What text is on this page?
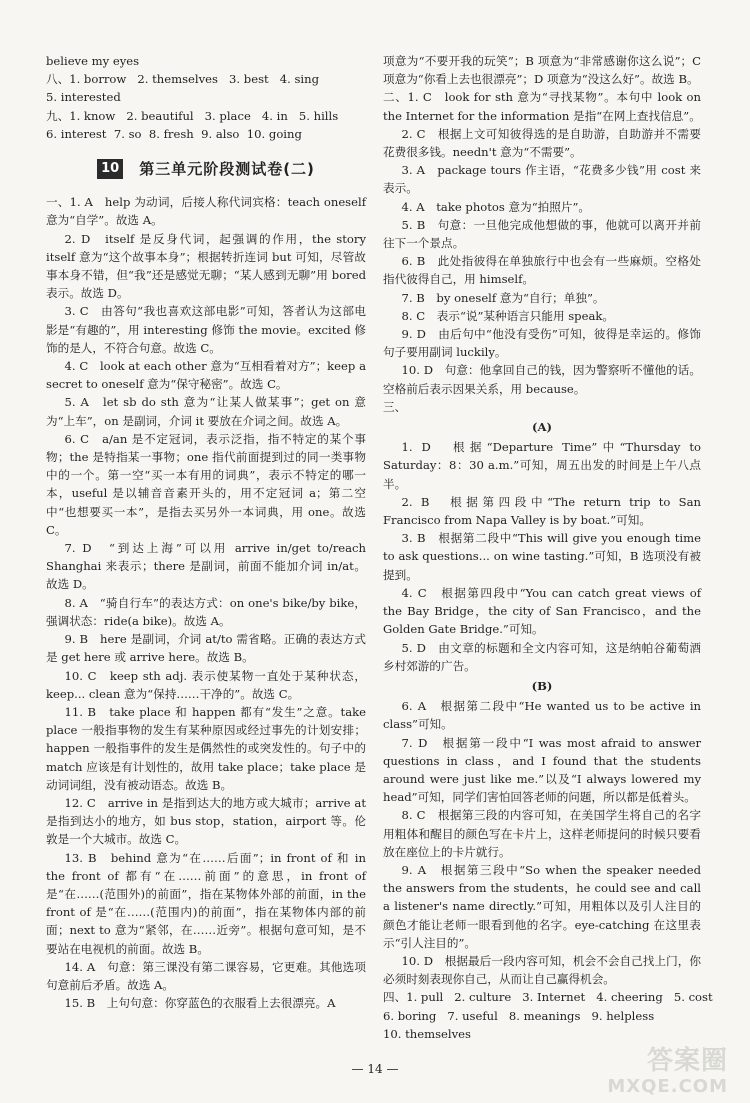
believe my eyes

八、1. borrow   2. themselves   3. best   4. sing

5. interested

九、1. know   2. beautiful   3. place   4. in   5. hills

6. interest  7. so  8. fresh  9. also  10. going

10 第三单元阶段测试卷(二)

一、1. A　help 为动词，后接人称代词宾格：teach oneself 意为“自学”。故选 A。

2. D　itself 是反身代词，起强调的作用，the story itself 意为“这个故事本身”；根据转折连词 but 可知，尽管故事本身不错，但“我”还是感觉无聊；“某人感到无聊”用 bored 表示。故选 D。

3. C　由答句“我也喜欢这部电影”可知，答者认为这部电影是“有趣的”，用 interesting 修饰 the movie。excited 修饰的是人，不符合句意。故选 C。

4. C　look at each other 意为“互相看着对方”；keep a secret to oneself 意为“保守秘密”。故选 C。

5. A　let sb do sth 意为“让某人做某事”；get on 意为“上车”，on 是副词，介词 it 要放在介词之间。故选 A。

6. C　a/an 是不定冠词，表示泛指，指不特定的某个事物；the 是特指某一事物；one 指代前面提到过的同一类事物中的一个。第一空“买一本有用的词典”，表示不特定的哪一本，useful 是以辅音音素开头的，用不定冠词 a；第二空中“也想要买一本”，是指去买另外一本词典，用 one。故选 C。

7. D　“到达上海”可以用 arrive in/get to/reach Shanghai 来表示；there 是副词，前面不能加介词 in/at。故选 D。

8. A　“骑自行车”的表达方式：on one's bike/by bike，强调状态：ride(a bike)。故选 A。

9. B　here 是副词，介词 at/to 需省略。正确的表达方式是 get here 或 arrive here。故选 B。

10. C　keep sth adj. 表示使某物一直处于某种状态，keep... clean 意为“保持……干净的”。故选 C。

11. B　take place 和 happen 都有“发生”之意。take place 一般指事物的发生有某种原因或经过事先的计划安排；happen 一般指事件的发生是偶然性的或突发性的。句子中的 match 应该是有计划性的，故用 take place；take place 是动词词组，没有被动语态。故选 B。

12. C　arrive in 是指到达大的地方或大城市；arrive at 是指到达小的地方，如 bus stop，station，airport 等。伦敦是一个大城市。故选 C。

13. B　behind 意为“在……后面”；in front of 和 in the front of 都有“在……前面”的意思，in front of 是“在……(范围外)的前面”，指在某物体外部的前面，in the front of 是“在……(范围内)的前面”，指在某物体内部的前面；next to 意为“紧邻，在……近旁”。根据句意可知，是不要站在电视机的前面。故选 B。

14. A　句意：第三课没有第二课容易，它更难。其他选项句意前后矛盾。故选 A。

15. B　上句句意：你穿蓝色的衣服看上去很漂亮。A

项意为“不要开我的玩笑”；B 项意为“非常感谢你这么说”；C 项意为“你看上去也很漂亮”；D 项意为“没这么好”。故选 B。

二、1. C　look for sth 意为“寻找某物”。本句中 look on the Internet for the information 是指“在网上查找信息”。

2. C　根据上文可知彼得选的是自助游，自助游并不需要花费很多钱。needn't 意为“不需要”。

3. A　package tours 作主语，“花费多少钱”用 cost 来表示。

4. A　take photos 意为“拍照片”。

5. B　句意：一旦他完成他想做的事，他就可以离开并前往下一个景点。

6. B　此处指彼得在单独旅行中也会有一些麻烦。空格处指代彼得自己，用 himself。

7. B　by oneself 意为“自行；单独”。

8. C　表示“说”某种语言只能用 speak。

9. D　由后句中“他没有受伤”可知，彼得是幸运的。修饰句子要用副词 luckily。

10. D　句意：他拿回自己的钱，因为警察听不懂他的话。空格前后表示因果关系，用 because。

三、

(A)

1. D　根据“Departure Time”中“Thursday to Saturday：8：30 a.m.”可知，周五出发的时间是上午八点半。

2. B　根据第四段中“The return trip to San Francisco from Napa Valley is by boat.”可知。

3. B　根据第二段中“This will give you enough time to ask questions... on wine tasting.”可知，B 选项没有被提到。

4. C　根据第四段中“You can catch great views of the Bay Bridge，the city of San Francisco，and the Golden Gate Bridge.”可知。

5. D　由文章的标题和全文内容可知，这是纳帕谷葡萄酒乡村郊游的广告。

(B)

6. A　根据第二段中“He wanted us to be active in class”可知。

7. D　根据第一段中“I was most afraid to answer questions in class，and I found that the students around were just like me.”以及“I always lowered my head”可知，同学们害怕回答老师的问题，所以都是低着头。

8. C　根据第三段的内容可知，在美国学生将自己的名字用粗体和醒目的颜色写在卡片上，这样老师提问的时候只要看放在座位上的卡片就行。

9. A　根据第三段中“So when the speaker needed the answers from the students，he could see and call a listener's name directly.”可知，用粗体以及引人注目的颜色才能让老师一眼看到他的名字。eye-catching 在这里表示“引人注目的”。

10. D　根据最后一段内容可知，机会不会自己找上门，你必须时刻表现你自己，从而让自己赢得机会。

四、1. pull   2. culture   3. Internet   4. cheering   5. cost

6. boring   7. useful   8. meanings   9. helpless

10. themselves

— 14 —	答案圈
MXQE.COM
